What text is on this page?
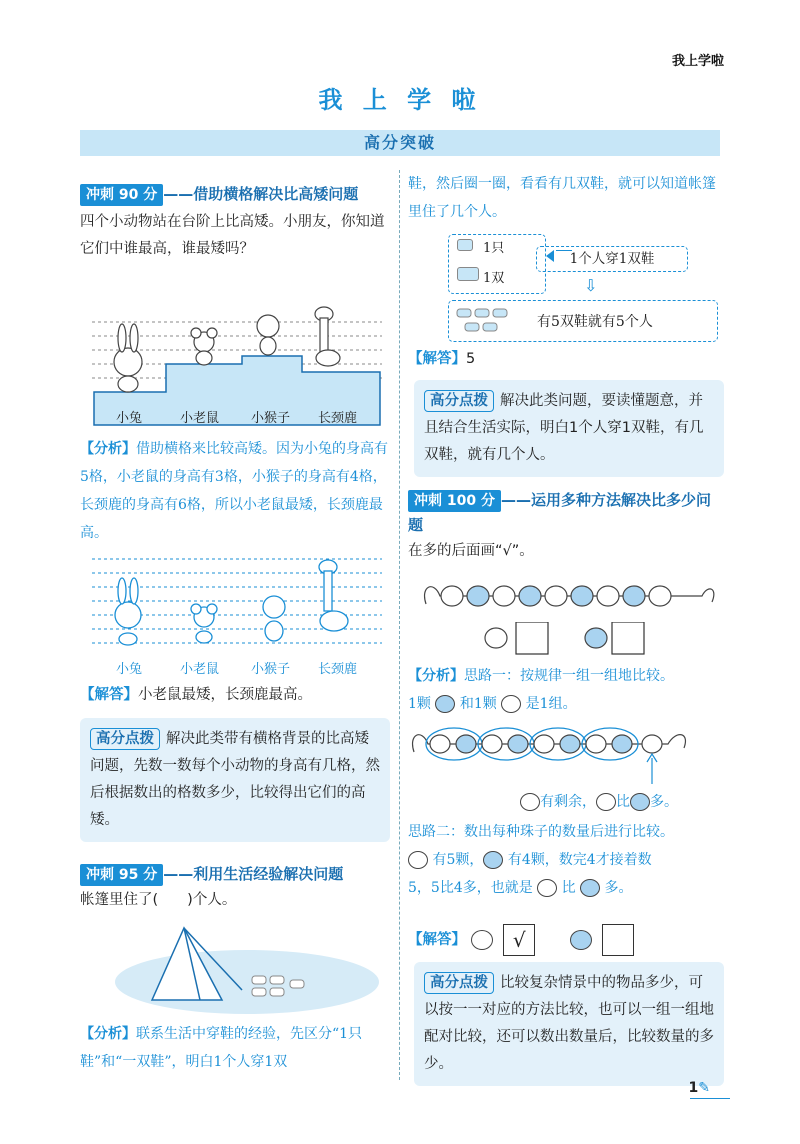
我上学啦
我 上 学 啦
高分突破
冲刺 90 分 ——借助横格解决比高矮问题
四个小动物站在台阶上比高矮。小朋友，你知道它们中谁最高，谁最矮吗？
小兔	小老鼠 小猴子 长颈鹿
【分析】借助横格来比较高矮。因为小兔的身高有5格，小老鼠的身高有3格，小猴子的身高有4格，长颈鹿的身高有6格，所以小老鼠最矮，长颈鹿最高。
小兔	小老鼠 小猴子 长颈鹿
【解答】小老鼠最矮，长颈鹿最高。
高分点拨 解决此类带有横格背景的比高矮问题，先数一数每个小动物的身高有几格，然后根据数出的格数多少，比较得出它们的高矮。
冲刺 95 分 ——利用生活经验解决问题
帐篷里住了(　　)个人。
【分析】联系生活中穿鞋的经验，先区分“1只鞋”和“一双鞋”，明白1个人穿1双
鞋，然后圈一圈，看看有几双鞋，就可以知道帐篷里住了几个人。
1只
1双
1个人穿1双鞋
⇩
有5双鞋就有5个人
【解答】5
高分点拨 解决此类问题，要读懂题意，并且结合生活实际，明白1个人穿1双鞋，有几双鞋，就有几个人。
冲刺 100 分 ——运用多种方法解决比多少问题
在多的后面画“√”。
【分析】思路一：按规律一组一组地比较。
1颗 和1颗 是1组。
有剩余， 比 多。
思路二：数出每种珠子的数量后进行比较。
有5颗， 有4颗，数完4才接着数
5，5比4多，也就是 比 多。
【解答】 √
高分点拨 比较复杂情景中的物品多少，可以按一一对应的方法比较，也可以一组一组地配对比较，还可以数出数量后，比较数量的多少。
1✎
